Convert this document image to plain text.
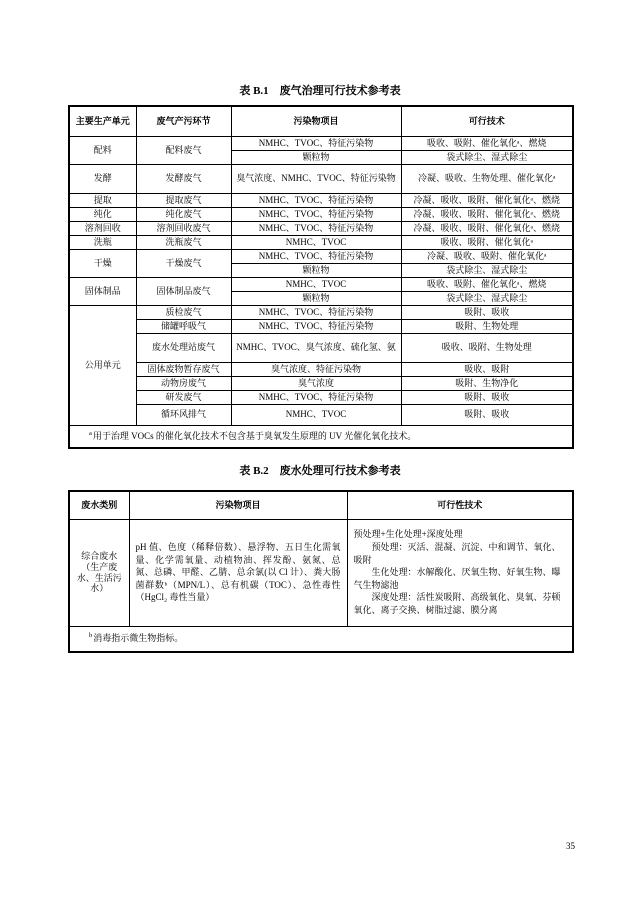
表 B.1　废气治理可行技术参考表
主要生产单元	废气产污环节	污染物项目	可行技术
配料	配料废气	NMHC、TVOC、特征污染物	吸收、吸附、催化氧化ᵃ、燃烧
		颗粒物	袋式除尘、湿式除尘
发酵	发酵废气	臭气浓度、NMHC、TVOC、特征污染物	冷凝、吸收、生物处理、催化氧化ᵃ
提取	提取废气	NMHC、TVOC、特征污染物	冷凝、吸收、吸附、催化氧化ᵃ、燃烧
纯化	纯化废气	NMHC、TVOC、特征污染物	冷凝、吸收、吸附、催化氧化ᵃ、燃烧
溶剂回收	溶剂回收废气	NMHC、TVOC、特征污染物	冷凝、吸收、吸附、催化氧化ᵃ、燃烧
洗瓶	洗瓶废气	NMHC、TVOC	吸收、吸附、催化氧化ᵃ
干燥	干燥废气	NMHC、TVOC、特征污染物	冷凝、吸收、吸附、催化氧化ᵃ
		颗粒物	袋式除尘、湿式除尘
固体制品	固体制品废气	NMHC、TVOC	吸收、吸附、催化氧化ᵃ、燃烧
		颗粒物	袋式除尘、湿式除尘
公用单元	质检废气	NMHC、TVOC、特征污染物	吸附、吸收
	储罐呼吸气	NMHC、TVOC、特征污染物	吸附、生物处理
	废水处理站废气	NMHC、TVOC、臭气浓度、硫化氢、氨	吸收、吸附、生物处理
	固体废物暂存废气	臭气浓度、特征污染物	吸收、吸附
	动物房废气	臭气浓度	吸附、生物净化
	研发废气	NMHC、TVOC、特征污染物	吸附、吸收
	循环风排气	NMHC、TVOC	吸附、吸收
$^a$用于治理 VOCs 的催化氧化技术不包含基于臭氧发生原理的 UV 光催化氧化技术。			
表 B.2　废水处理可行技术参考表
废水类别	污染物项目	可行性技术
综合废水（生产废水、生活污水）	pH 值、色度（稀释倍数）、悬浮物、五日生化需氧量、化学需氧量、动植物油、挥发酚、氨氮、总氮、总磷、甲醛、乙腈、总余氯(以 Cl 计）、粪大肠菌群数ᵇ（MPN/L）、总有机碳（TOC）、急性毒性（HgCl₂ 毒性当量）	预处理+生化处理+深度处理

预处理：灭活、混凝、沉淀、中和调节、氧化、吸附

生化处理：水解酸化、厌氧生物、好氧生物、曝气生物滤池

深度处理：活性炭吸附、高级氧化、臭氧、芬顿氧化、离子交换、树脂过滤、膜分离

$^b$消毒指示微生物指标。		
35
